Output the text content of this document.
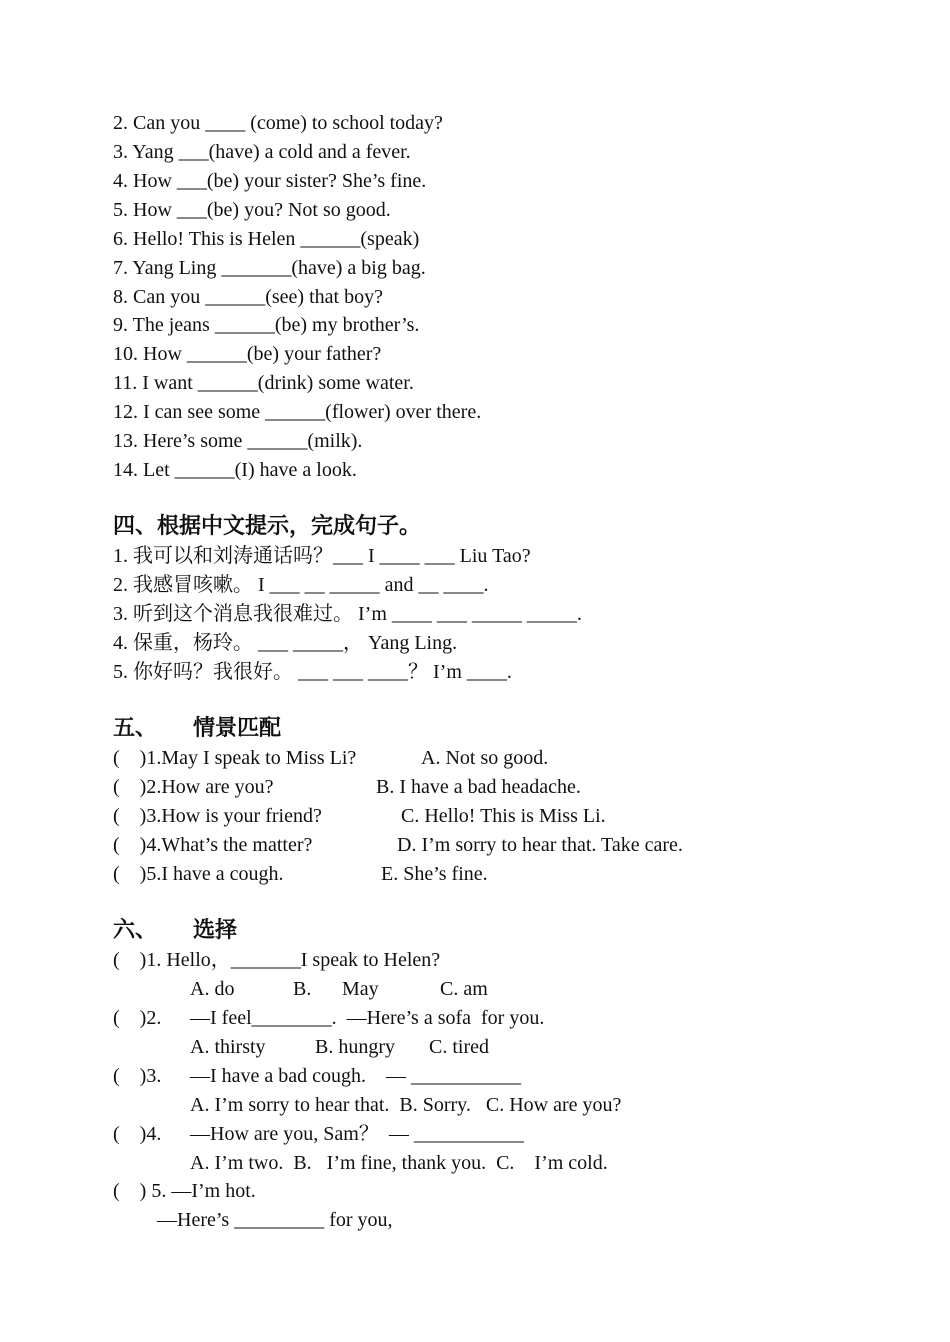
2. Can you ____ (come) to school today?
3. Yang ___(have) a cold and a fever.
4. How ___(be) your sister? She’s fine.
5. How ___(be) you? Not so good.
6. Hello! This is Helen ______(speak)
7. Yang Ling _______(have) a big bag.
8. Can you ______(see) that boy?
9. The jeans ______(be) my brother’s.
10. How ______(be) your father?
11. I want ______(drink) some water.
12. I can see some ______(flower) over there.
13. Here’s some ______(milk).
14. Let ______(I) have a look.
四、根据中文提示，完成句子。
1. 我可以和刘涛通话吗？___ I ____ ___ Liu Tao?
2. 我感冒咳嗽。 I ___ __ _____ and __ ____.
3. 听到这个消息我很难过。 I’m ____ ___ _____ _____.
4. 保重，杨玲。 ___ _____， Yang Ling.
5. 你好吗？我很好。 ___ ___ ____？ I’m ____.
五、 情景匹配
(    )1.May I speak to Miss Li?	A. Not so good.
(    )2.How are you?	B. I have a bad headache.
(    )3.How is your friend?	C. Hello! This is Miss Li.
(    )4.What’s the matter?	D. I’m sorry to hear that. Take care.
(    )5.I have a cough.	E. She’s fine.
六、 选择
(    )1. Hello，_______I speak to Helen?
A. do	B. May	C. am
(    )2. —I feel________.  —Here’s a sofa  for you.
A. thirsty B. hungry C. tired
(    )3. —I have a bad cough.    — ___________
A. I’m sorry to hear that.  B. Sorry.   C. How are you?
(    )4. —How are you, Sam？  — ___________
A. I’m two.  B.   I’m fine, thank you.  C.    I’m cold.
(    ) 5. —I’m hot.
—Here’s _________ for you,
